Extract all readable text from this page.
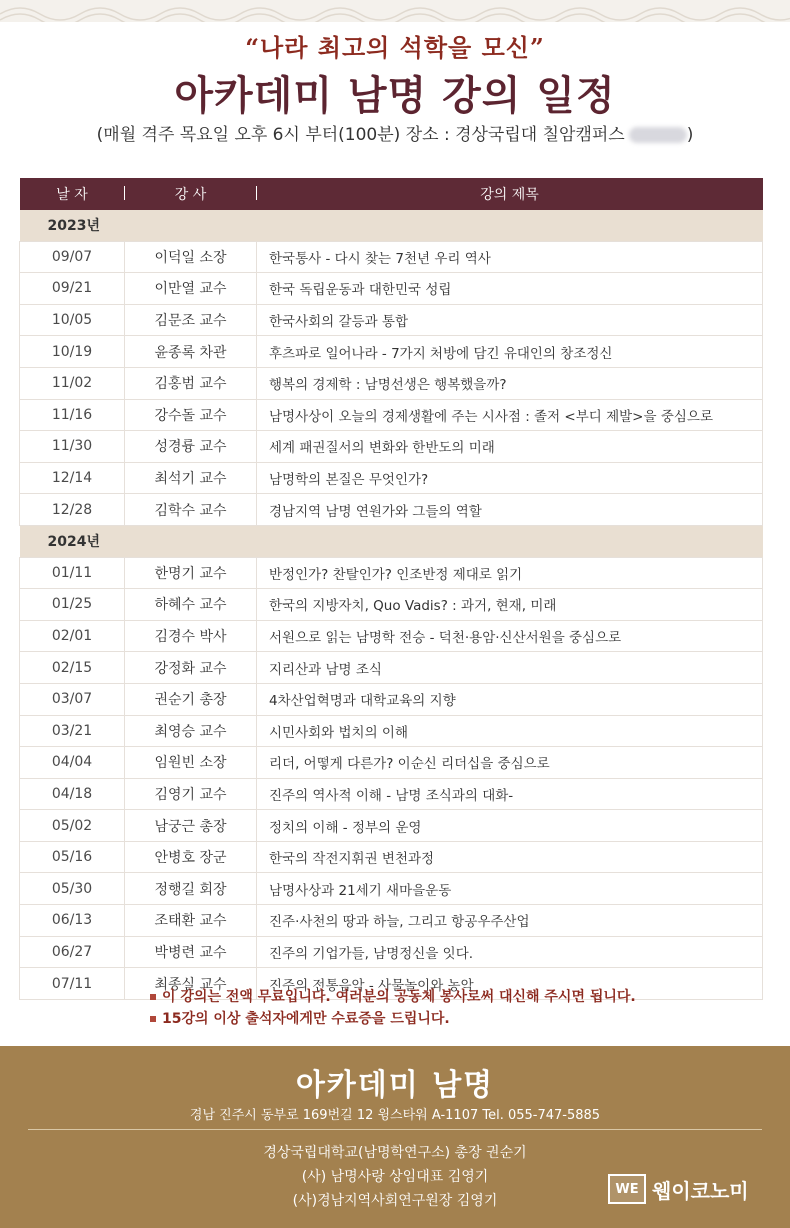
“나라 최고의 석학을 모신”
아카데미 남명 강의 일정
(매월 격주 목요일 오후 6시 부터(100분) 장소 : 경상국립대 칠암캠퍼스	)
날 자	강 사	강의 제목
2023년		
09/07	이덕일 소장	한국통사 - 다시 찾는 7천년 우리 역사
09/21	이만열 교수	한국 독립운동과 대한민국 성립
10/05	김문조 교수	한국사회의 갈등과 통합
10/19	윤종록 차관	후츠파로 일어나라 - 7가지 처방에 담긴 유대인의 창조정신
11/02	김홍범 교수	행복의 경제학 : 남명선생은 행복했을까?
11/16	강수돌 교수	남명사상이 오늘의 경제생활에 주는 시사점 : 졸저 <부디 제발>을 중심으로
11/30	성경륭 교수	세계 패권질서의 변화와 한반도의 미래
12/14	최석기 교수	남명학의 본질은 무엇인가?
12/28	김학수 교수	경남지역 남명 연원가와 그들의 역할
2024년		
01/11	한명기 교수	반정인가? 찬탈인가? 인조반정 제대로 읽기
01/25	하혜수 교수	한국의 지방자치, Quo Vadis? : 과거, 현재, 미래
02/01	김경수 박사	서원으로 읽는 남명학 전승 - 덕천·용암·신산서원을 중심으로
02/15	강정화 교수	지리산과 남명 조식
03/07	권순기 총장	4차산업혁명과 대학교육의 지향
03/21	최영승 교수	시민사회와 법치의 이해
04/04	임원빈 소장	리더, 어떻게 다른가? 이순신 리더십을 중심으로
04/18	김영기 교수	진주의 역사적 이해 - 남명 조식과의 대화-
05/02	남궁근 총장	정치의 이해 - 정부의 운영
05/16	안병호 장군	한국의 작전지휘권 변천과정
05/30	정행길 회장	남명사상과 21세기 새마을운동
06/13	조태환 교수	진주·사천의 땅과 하늘, 그리고 항공우주산업
06/27	박병련 교수	진주의 기업가들, 남명정신을 잇다.
07/11	최종실 교수	진주의 전통음악 - 사물놀이와 농악
이 강의는 전액 무료입니다. 여러분의 공동체 봉사로써 대신해 주시면 됩니다.
15강의 이상 출석자에게만 수료증을 드립니다.
아카데미 남명
경남 진주시 동부로 169번길 12 윙스타워 A-1107 Tel. 055-747-5885
경상국립대학교(남명학연구소) 총장 권순기
(사) 남명사랑 상임대표 김영기
(사)경남지역사회연구원장 김영기
WE 웹이코노미
